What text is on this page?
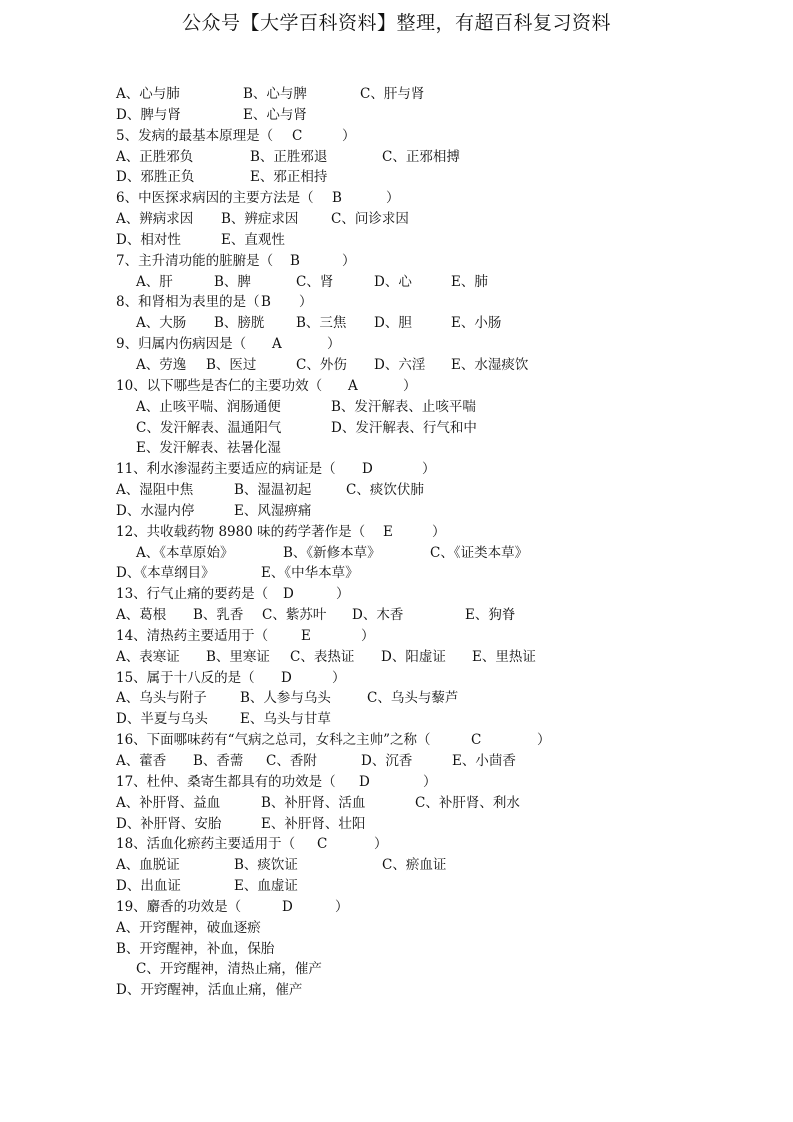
公众号【大学百科资料】整理，有超百科复习资料
A、心与肺	B、心与脾	C、肝与肾
D、脾与肾	E、心与肾
5、发病的最基本原理是（ C	）
A、正胜邪负	B、正胜邪退	C、正邪相搏
D、邪胜正负	E、邪正相持
6、中医探求病因的主要方法是（ B	）
A、辨病求因 B、辨症求因 C、问诊求因
D、相对性	E、直观性
7、主升清功能的脏腑是（ B	）
A、肝	B、脾	C、肾	D、心	E、肺
8、和肾相为表里的是（ B ）
A、大肠 B、膀胱 B、三焦 D、胆	E、小肠
9、归属内伤病因是（ A	）
A、劳逸 B、医过	C、外伤 D、六淫 E、水湿痰饮
10、以下哪些是杏仁的主要功效（ A	）
A、止咳平喘、润肠通便	B、发汗解表、止咳平喘
C、发汗解表、温通阳气	D、发汗解表、行气和中
E、发汗解表、祛暑化湿
11、利水渗湿药主要适应的病证是（ D	）
A、湿阻中焦	B、湿温初起	C、痰饮伏肺
D、水湿内停	E、风湿痹痛
12、共收载药物 8980 味的药学著作是（ E	）
A、《本草原始》	B、《新修本草》	C、《证类本草》
D、《本草纲目》	E、《中华本草》
13、行气止痛的要药是（ D	）
A、葛根 B、乳香 C、紫苏叶 D、木香	E、狗脊
14、清热药主要适用于（ E	）
A、表寒证 B、里寒证 C、表热证 D、阳虚证 E、里热证
15、属于十八反的是（ D	）
A、乌头与附子 B、人参与乌头	C、乌头与藜芦
D、半夏与乌头 E、乌头与甘草
16、下面哪味药有“气病之总司，女科之主帅”之称（	C	）
A、藿香 B、香薷 C、香附	D、沉香	E、小茴香
17、杜仲、桑寄生都具有的功效是（ D	）
A、补肝肾、益血	B、补肝肾、活血	C、补肝肾、利水
D、补肝肾、安胎	E、补肝肾、壮阳
18、活血化瘀药主要适用于（ C	）
A、血脱证	B、痰饮证	C、瘀血证
D、出血证	E、血虚证
19、麝香的功效是（	D	）
A、开窍醒神，破血逐瘀
B、开窍醒神，补血，保胎
C、开窍醒神，清热止痛，催产
D、开窍醒神，活血止痛，催产
